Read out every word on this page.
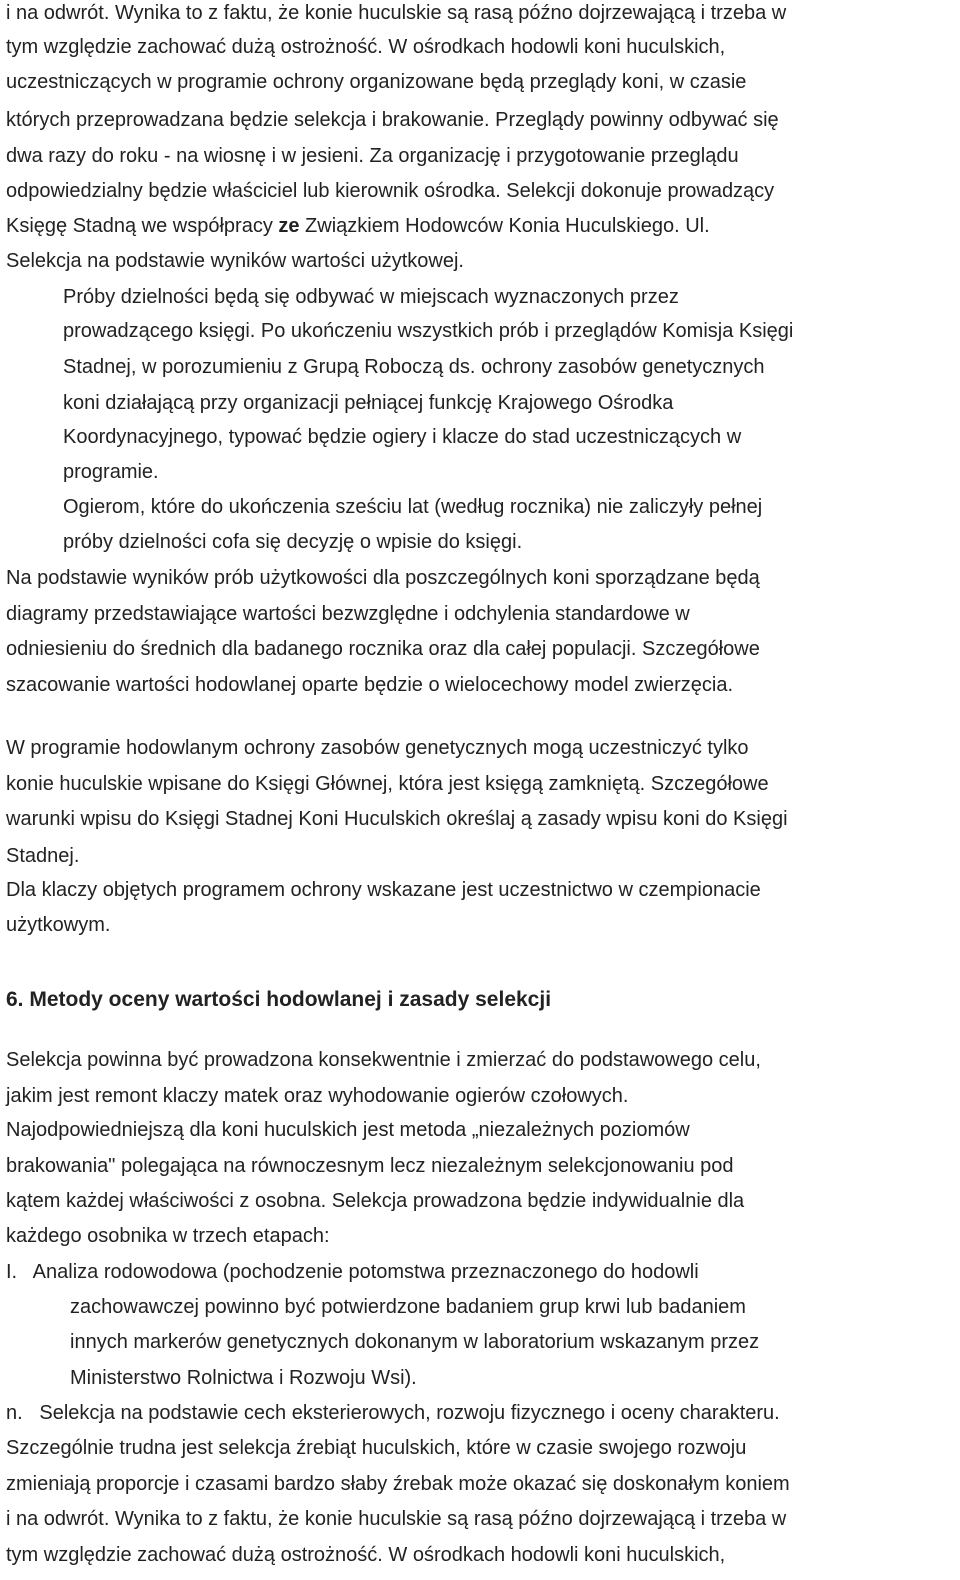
i na odwrót. Wynika to z faktu, że konie huculskie są rasą późno dojrzewającą i trzeba w
tym względzie zachować dużą ostrożność. W ośrodkach hodowli koni huculskich,
uczestniczących w programie ochrony organizowane będą przeglądy koni, w czasie
których przeprowadzana będzie selekcja i brakowanie. Przeglądy powinny odbywać się
dwa razy do roku - na wiosnę i w jesieni. Za organizację i przygotowanie przeglądu
odpowiedzialny będzie właściciel lub kierownik ośrodka. Selekcji dokonuje prowadzący
Księgę Stadną we współpracy ze Związkiem Hodowców Konia Huculskiego. Ul.
Selekcja na podstawie wyników wartości użytkowej.
Próby dzielności będą się odbywać w miejscach wyznaczonych przez
prowadzącego księgi. Po ukończeniu wszystkich prób i przeglądów Komisja Księgi
Stadnej, w porozumieniu z Grupą Roboczą ds. ochrony zasobów genetycznych
koni działającą przy organizacji pełniącej funkcję Krajowego Ośrodka
Koordynacyjnego, typować będzie ogiery i klacze do stad uczestniczących w
programie.
Ogierom, które do ukończenia sześciu lat (według rocznika) nie zaliczyły pełnej
próby dzielności cofa się decyzję o wpisie do księgi.
Na podstawie wyników prób użytkowości dla poszczególnych koni sporządzane będą
diagramy przedstawiające wartości bezwzględne i odchylenia standardowe w
odniesieniu do średnich dla badanego rocznika oraz dla całej populacji. Szczegółowe
szacowanie wartości hodowlanej oparte będzie o wielocechowy model zwierzęcia.
W programie hodowlanym ochrony zasobów genetycznych mogą uczestniczyć tylko
konie huculskie wpisane do Księgi Głównej, która jest księgą zamkniętą. Szczegółowe
warunki wpisu do Księgi Stadnej Koni Huculskich określaj ą zasady wpisu koni do Księgi
Stadnej.
Dla klaczy objętych programem ochrony wskazane jest uczestnictwo w czempionacie
użytkowym.
6. Metody oceny wartości hodowlanej i zasady selekcji
Selekcja powinna być prowadzona konsekwentnie i zmierzać do podstawowego celu,
jakim jest remont klaczy matek oraz wyhodowanie ogierów czołowych.
Najodpowiedniejszą dla koni huculskich jest metoda „niezależnych poziomów
brakowania" polegająca na równoczesnym lecz niezależnym selekcjonowaniu pod
kątem każdej właściwości z osobna. Selekcja prowadzona będzie indywidualnie dla
każdego osobnika w trzech etapach:
I.   Analiza rodowodowa (pochodzenie potomstwa przeznaczonego do hodowli
zachowawczej powinno być potwierdzone badaniem grup krwi lub badaniem
innych markerów genetycznych dokonanym w laboratorium wskazanym przez
Ministerstwo Rolnictwa i Rozwoju Wsi).
n.   Selekcja na podstawie cech eksterierowych, rozwoju fizycznego i oceny charakteru.
Szczególnie trudna jest selekcja źrebiąt huculskich, które w czasie swojego rozwoju
zmieniają proporcje i czasami bardzo słaby źrebak może okazać się doskonałym koniem
i na odwrót. Wynika to z faktu, że konie huculskie są rasą późno dojrzewającą i trzeba w
tym względzie zachować dużą ostrożność. W ośrodkach hodowli koni huculskich,
